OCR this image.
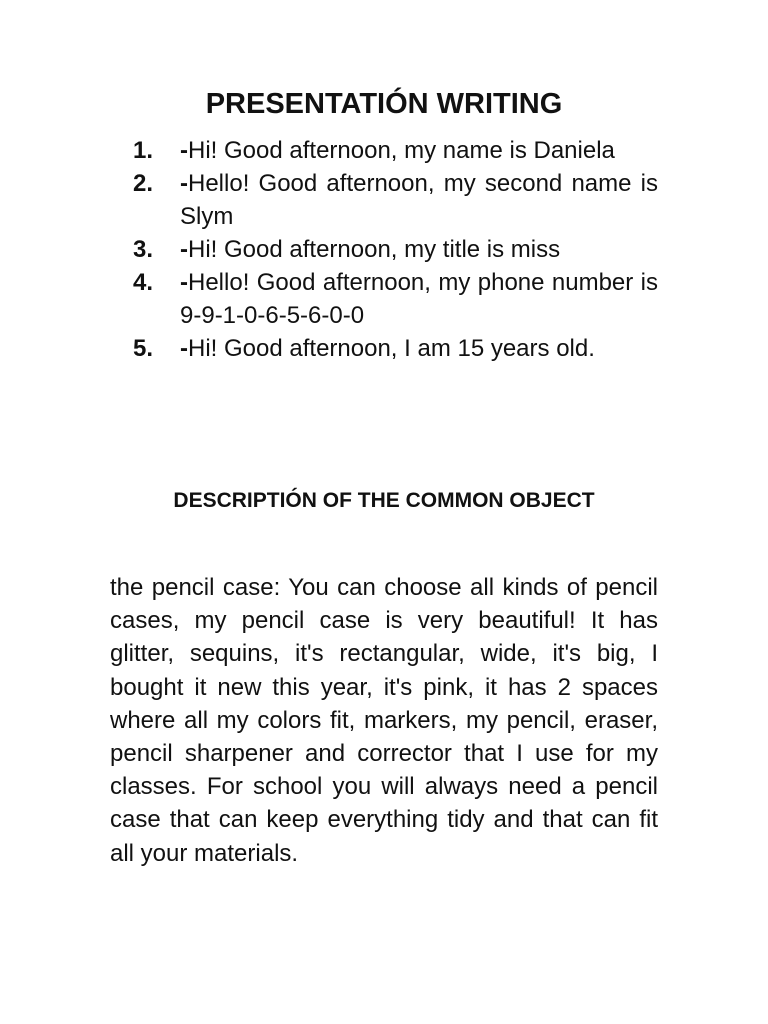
PRESENTATIÓN WRITING
1. -Hi! Good afternoon, my name is Daniela
2. -Hello! Good afternoon, my second name is Slym
3. -Hi! Good afternoon, my title is miss
4. -Hello! Good afternoon, my phone number is 9-9-1-0-6-5-6-0-0
5. -Hi! Good afternoon, I am 15 years old.
DESCRIPTIÓN OF THE COMMON OBJECT

the pencil case: You can choose all kinds of pencil cases, my pencil case is very beautiful! It has glitter, sequins, it's rectangular, wide, it's big, I bought it new this year, it's pink, it has 2 spaces where all my colors fit, markers, my pencil, eraser, pencil sharpener and corrector that I use for my classes. For school you will always need a pencil case that can keep everything tidy and that can fit all your materials.
